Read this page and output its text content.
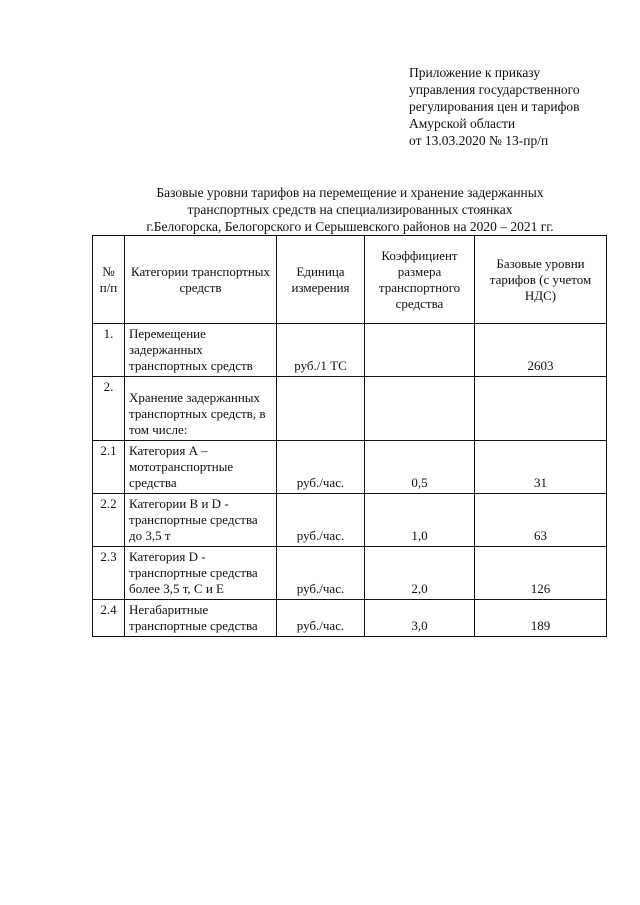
Приложение к приказу
управления государственного
регулирования цен и тарифов
Амурской области
от 13.03.2020 № 13-пр/п
Базовые уровни тарифов на перемещение и хранение задержанных
транспортных средств на специализированных стоянках
г.Белогорска, Белогорского и Серышевского районов на 2020 – 2021 гг.
№ п/п	Категории транспортных средств	Единица измерения	Коэффициент размера транспортного средства	Базовые уровни тарифов (с учетом НДС)
1.	Перемещение задержанных транспортных средств	руб./1 ТС		2603
2.	Хранение задержанных транспортных средств, в том числе:			
2.1	Категория А – мототранспортные средства	руб./час.	0,5	31
2.2	Категории B и D - транспортные средства до 3,5 т	руб./час.	1,0	63
2.3	Категория D - транспортные средства более 3,5 т, C и E	руб./час.	2,0	126
2.4	Негабаритные транспортные средства	руб./час.	3,0	189
